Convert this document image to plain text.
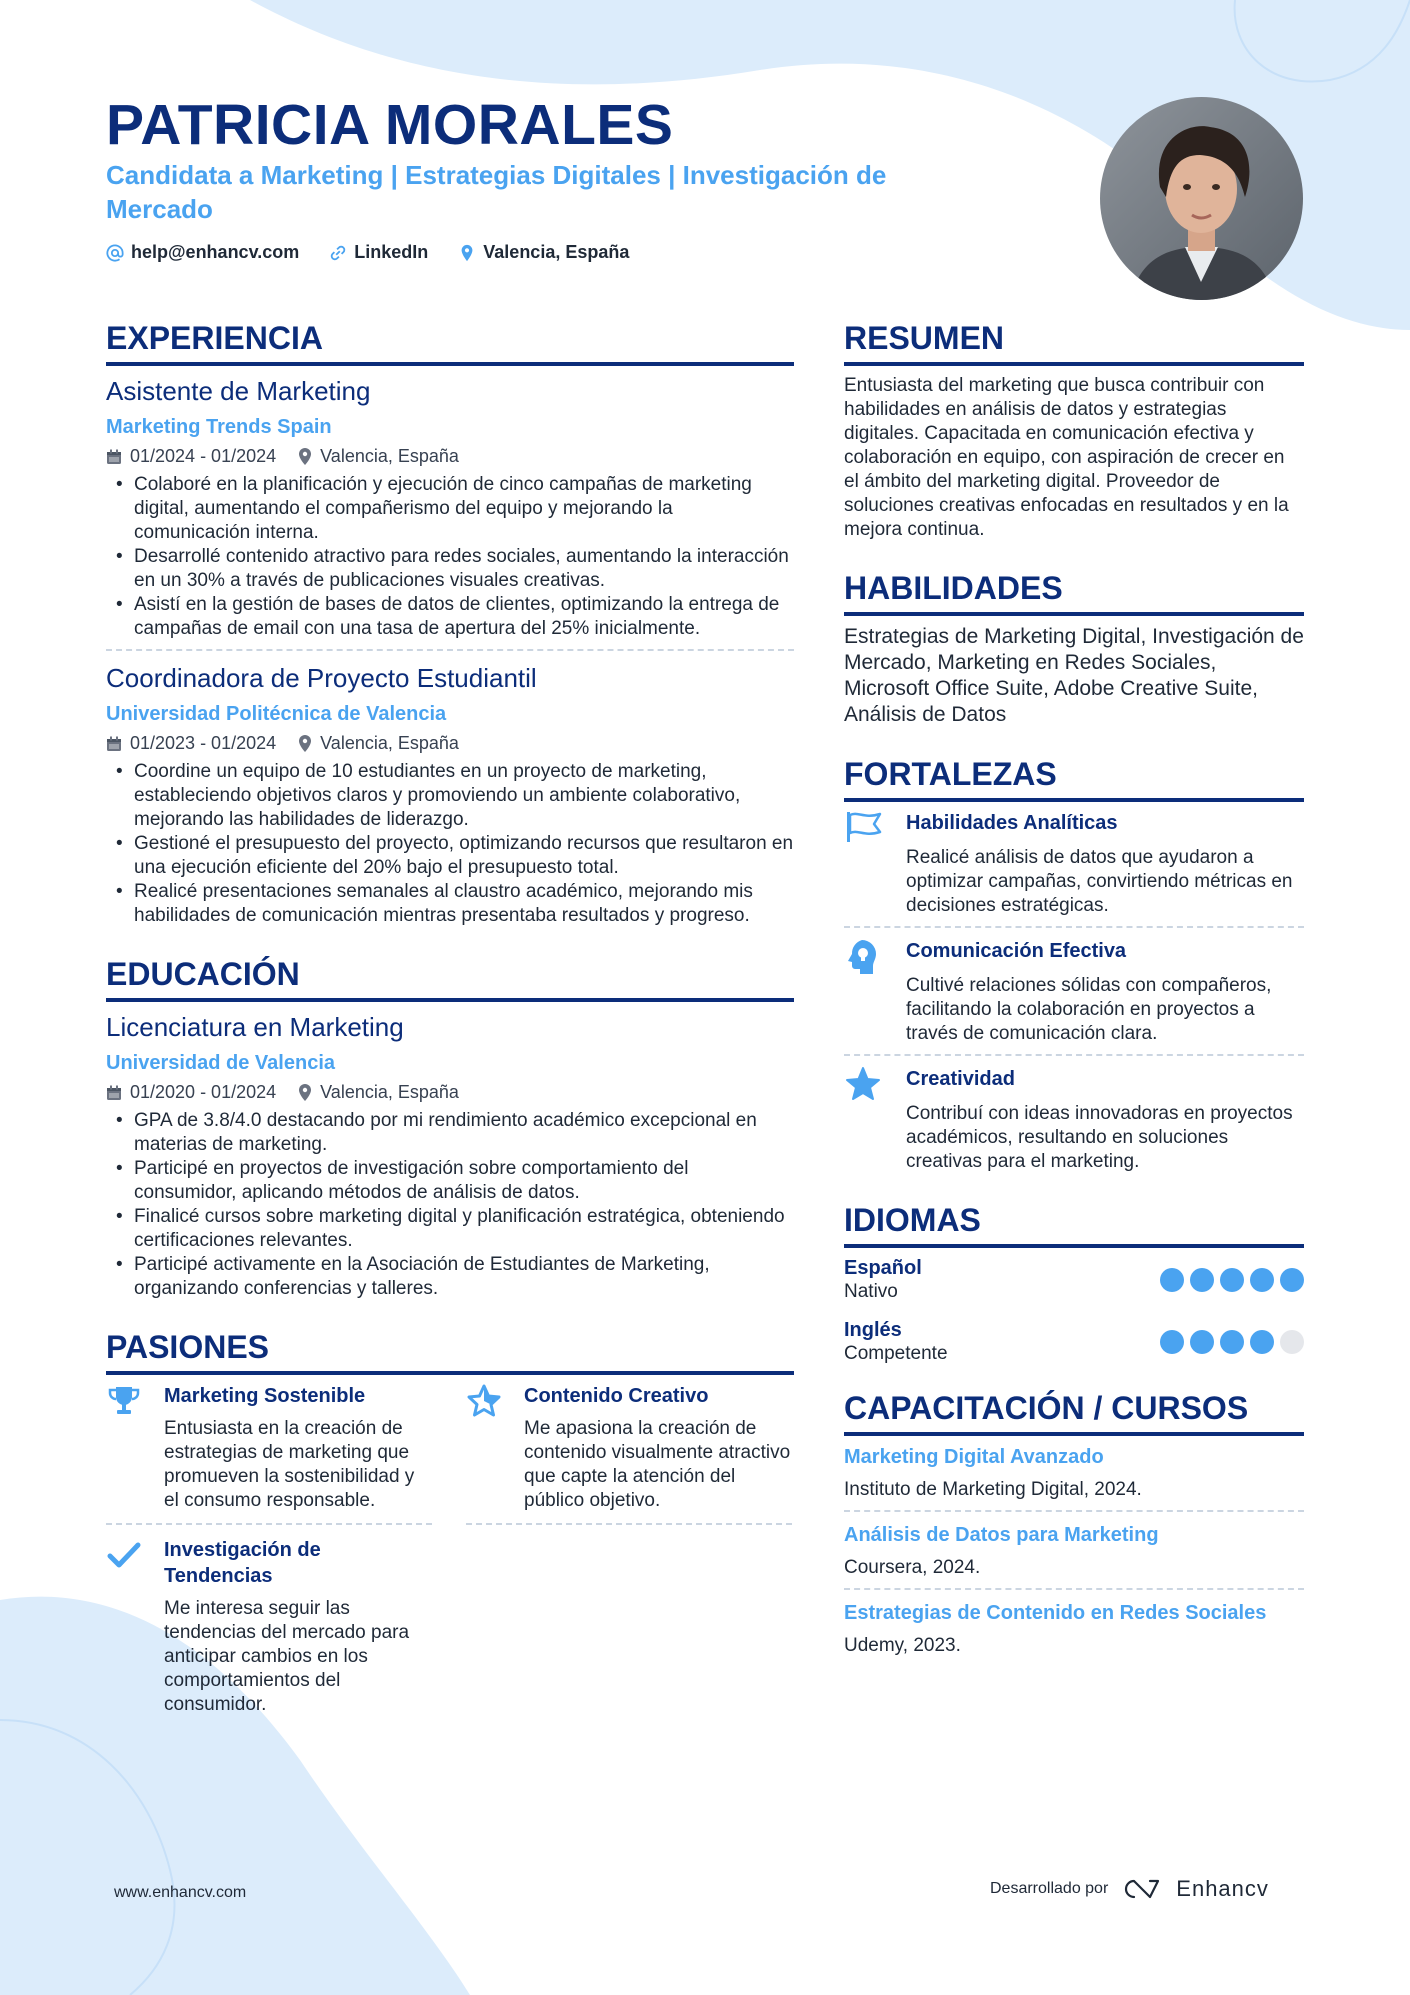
PATRICIA MORALES
Candidata a Marketing | Estrategias Digitales | Investigación de Mercado
help@enhancv.com	LinkedIn	Valencia, España
EXPERIENCIA
Asistente de Marketing
Marketing Trends Spain
01/2024 - 01/2024 Valencia, España
• Colaboré en la planificación y ejecución de cinco campañas de marketing digital, aumentando el compañerismo del equipo y mejorando la comunicación interna.
• Desarrollé contenido atractivo para redes sociales, aumentando la interacción en un 30% a través de publicaciones visuales creativas.
• Asistí en la gestión de bases de datos de clientes, optimizando la entrega de campañas de email con una tasa de apertura del 25% inicialmente.
Coordinadora de Proyecto Estudiantil
Universidad Politécnica de Valencia
01/2023 - 01/2024 Valencia, España
• Coordine un equipo de 10 estudiantes en un proyecto de marketing, estableciendo objetivos claros y promoviendo un ambiente colaborativo, mejorando las habilidades de liderazgo.
• Gestioné el presupuesto del proyecto, optimizando recursos que resultaron en una ejecución eficiente del 20% bajo el presupuesto total.
• Realicé presentaciones semanales al claustro académico, mejorando mis habilidades de comunicación mientras presentaba resultados y progreso.
EDUCACIÓN
Licenciatura en Marketing
Universidad de Valencia
01/2020 - 01/2024 Valencia, España
• GPA de 3.8/4.0 destacando por mi rendimiento académico excepcional en materias de marketing.
• Participé en proyectos de investigación sobre comportamiento del consumidor, aplicando métodos de análisis de datos.
• Finalicé cursos sobre marketing digital y planificación estratégica, obteniendo certificaciones relevantes.
• Participé activamente en la Asociación de Estudiantes de Marketing, organizando conferencias y talleres.
PASIONES
Marketing Sostenible
Entusiasta en la creación de estrategias de marketing que promueven la sostenibilidad y el consumo responsable.
Contenido Creativo
Me apasiona la creación de contenido visualmente atractivo que capte la atención del público objetivo.
Investigación de Tendencias
Me interesa seguir las tendencias del mercado para anticipar cambios en los comportamientos del consumidor.
RESUMEN
Entusiasta del marketing que busca contribuir con habilidades en análisis de datos y estrategias digitales. Capacitada en comunicación efectiva y colaboración en equipo, con aspiración de crecer en el ámbito del marketing digital. Proveedor de soluciones creativas enfocadas en resultados y en la mejora continua.
HABILIDADES
Estrategias de Marketing Digital, Investigación de Mercado, Marketing en Redes Sociales, Microsoft Office Suite, Adobe Creative Suite, Análisis de Datos
FORTALEZAS
Habilidades Analíticas
Realicé análisis de datos que ayudaron a optimizar campañas, convirtiendo métricas en decisiones estratégicas.
Comunicación Efectiva
Cultivé relaciones sólidas con compañeros, facilitando la colaboración en proyectos a través de comunicación clara.
Creatividad
Contribuí con ideas innovadoras en proyectos académicos, resultando en soluciones creativas para el marketing.
IDIOMAS
Español
Nativo
Inglés
Competente
CAPACITACIÓN / CURSOS
Marketing Digital Avanzado
Instituto de Marketing Digital, 2024.
Análisis de Datos para Marketing
Coursera, 2024.
Estrategias de Contenido en Redes Sociales
Udemy, 2023.
www.enhancv.com	Desarrollado por	Enhancv
